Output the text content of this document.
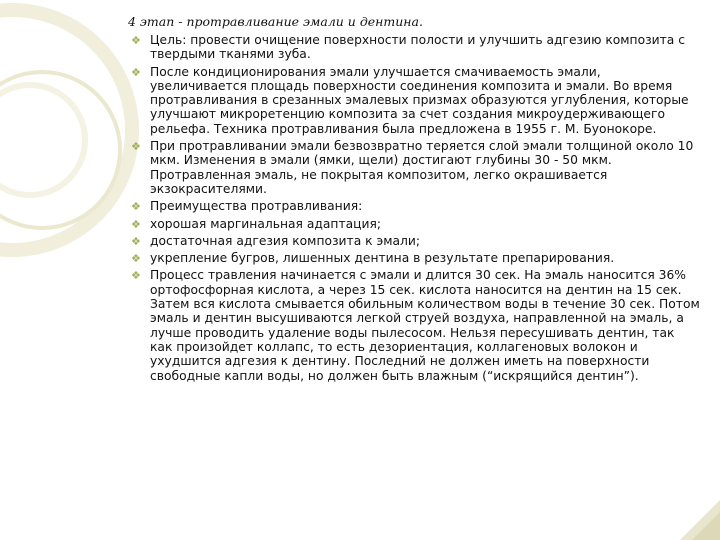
4 этап - протравливание эмали и дентина.
❖ Цель: провести очищение поверхности полости и улучшить адгезию композита с твердыми тканями зуба.
❖ После кондиционирования эмали улучшается смачиваемость эмали, увеличивается площадь поверхности соединения композита и эмали. Во время протравливания в срезанных эмалевых призмах образуются углубления, которые улучшают микроретенцию композита за счет создания микроудерживающего рельефа. Техника протравливания была предложена в 1955 г. М. Буонокоре.
❖ При протравливании эмали безвозвратно теряется слой эмали толщиной около 10 мкм. Изменения в эмали (ямки, щели) достигают глубины 30 - 50 мкм. Протравленная эмаль, не покрытая композитом, легко окрашивается экзокрасителями.
❖ Преимущества протравливания:
❖ хорошая маргинальная адаптация;
❖ достаточная адгезия композита к эмали;
❖ укрепление бугров, лишенных дентина в результате препарирования.
❖ Процесс травления начинается с эмали и длится 30 сек. На эмаль наносится 36% ортофосфорная кислота, а через 15 сек. кислота наносится на дентин на 15 сек. Затем вся кислота смывается обильным количеством воды в течение 30 сек. Потом эмаль и дентин высушиваются легкой струей воздуха, направленной на эмаль, а лучше проводить удаление воды пылесосом. Нельзя пересушивать дентин, так как произойдет коллапс, то есть дезориентация, коллагеновых волокон и ухудшится адгезия к дентину. Последний не должен иметь на поверхности свободные капли воды, но должен быть влажным (“искрящийся дентин”).
